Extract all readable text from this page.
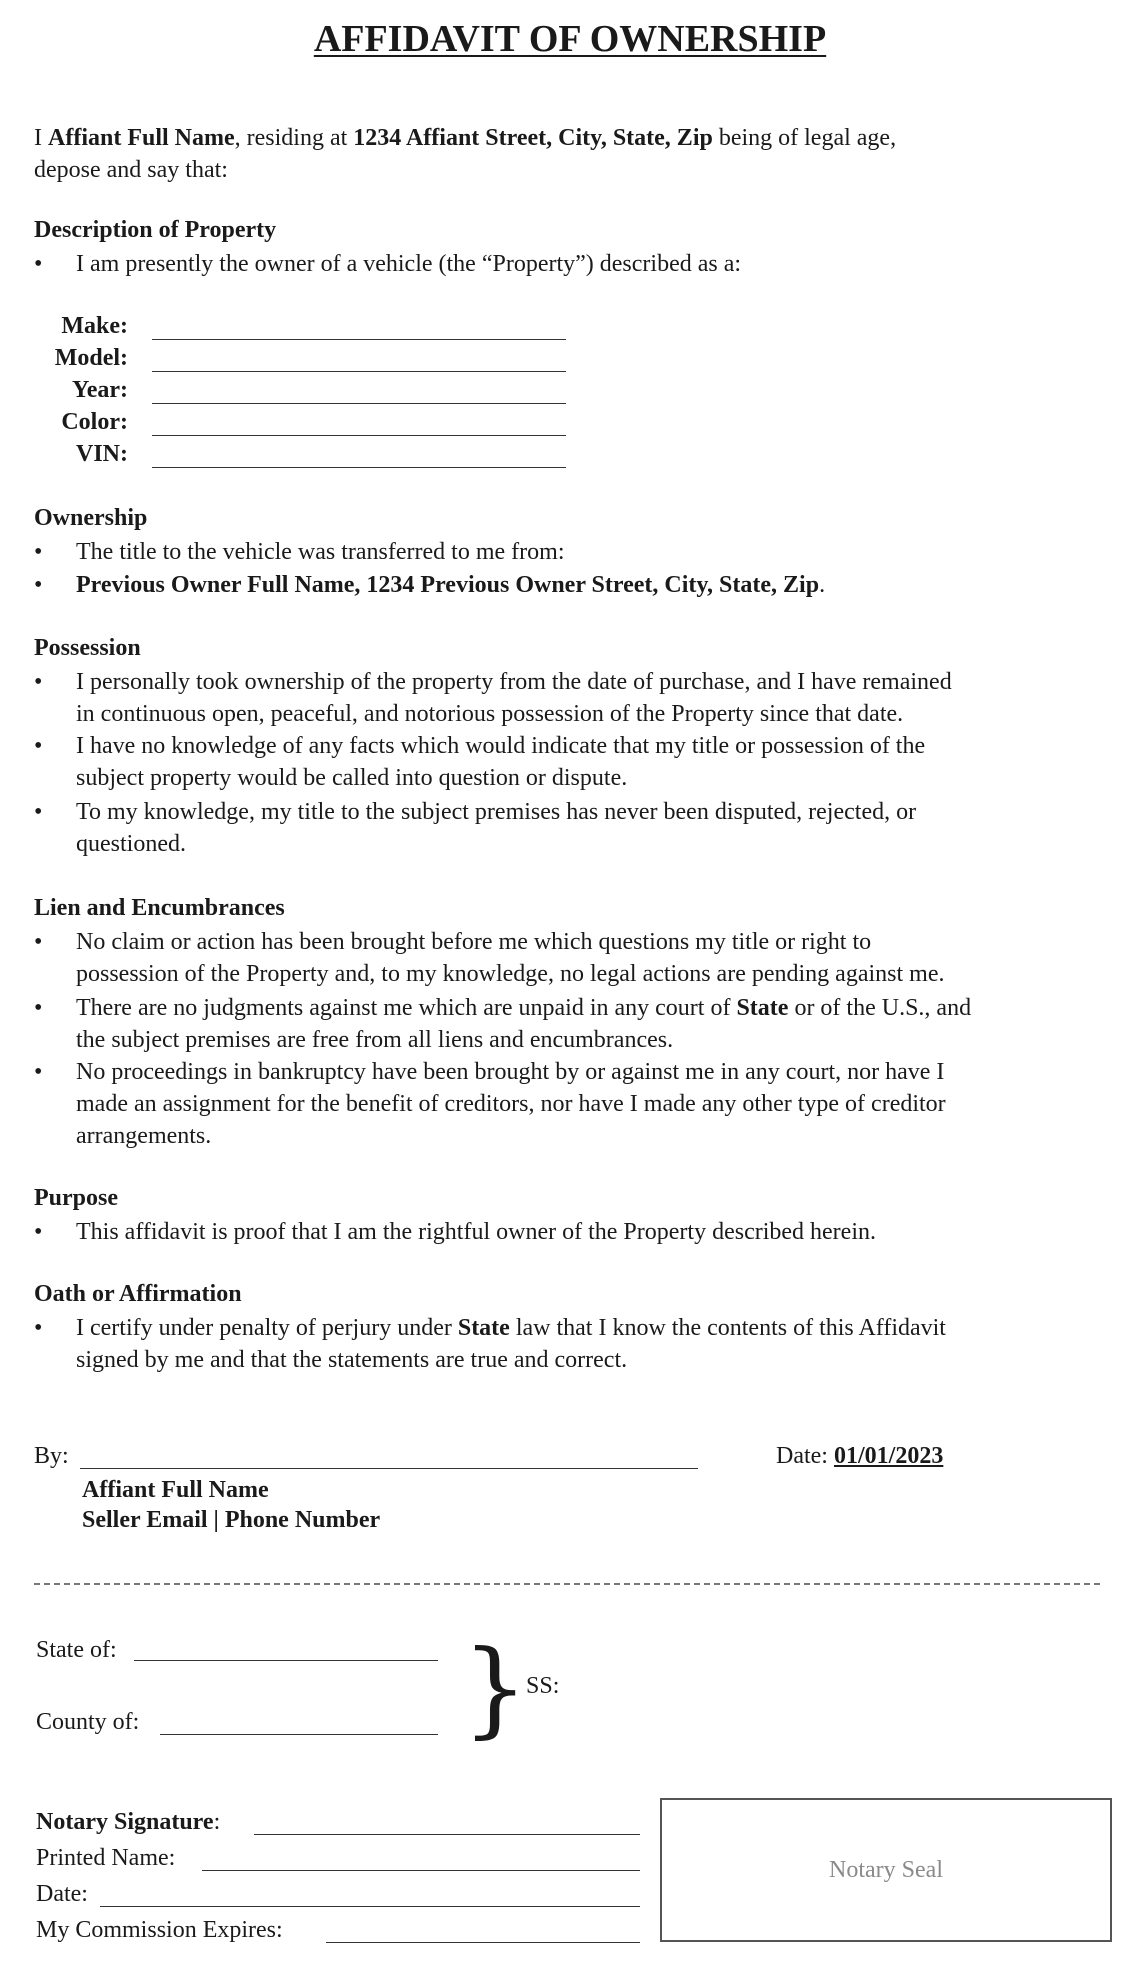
AFFIDAVIT OF OWNERSHIP
I Affiant Full Name, residing at 1234 Affiant Street, City, State, Zip being of legal age,
depose and say that:
Description of Property
•	I am presently the owner of a vehicle (the “Property”) described as a:
Make:
Model:
Year:
Color:
VIN:
Ownership
•	The title to the vehicle was transferred to me from:
•	Previous Owner Full Name, 1234 Previous Owner Street, City, State, Zip.
Possession
•	I personally took ownership of the property from the date of purchase, and I have remained
in continuous open, peaceful, and notorious possession of the Property since that date.
•	I have no knowledge of any facts which would indicate that my title or possession of the
subject property would be called into question or dispute.
•	To my knowledge, my title to the subject premises has never been disputed, rejected, or
questioned.
Lien and Encumbrances
•	No claim or action has been brought before me which questions my title or right to
possession of the Property and, to my knowledge, no legal actions are pending against me.
•	There are no judgments against me which are unpaid in any court of State or of the U.S., and
the subject premises are free from all liens and encumbrances.
•	No proceedings in bankruptcy have been brought by or against me in any court, nor have I
made an assignment for the benefit of creditors, nor have I made any other type of creditor
arrangements.
Purpose
•	This affidavit is proof that I am the rightful owner of the Property described herein.
Oath or Affirmation
•	I certify under penalty of perjury under State law that I know the contents of this Affidavit
signed by me and that the statements are true and correct.
By:	Date: 01/01/2023
Affiant Full Name
Seller Email | Phone Number
State of:
County of:	}
SS:
Notary Signature:
Printed Name:
Date:
My Commission Expires:
Notary Seal
